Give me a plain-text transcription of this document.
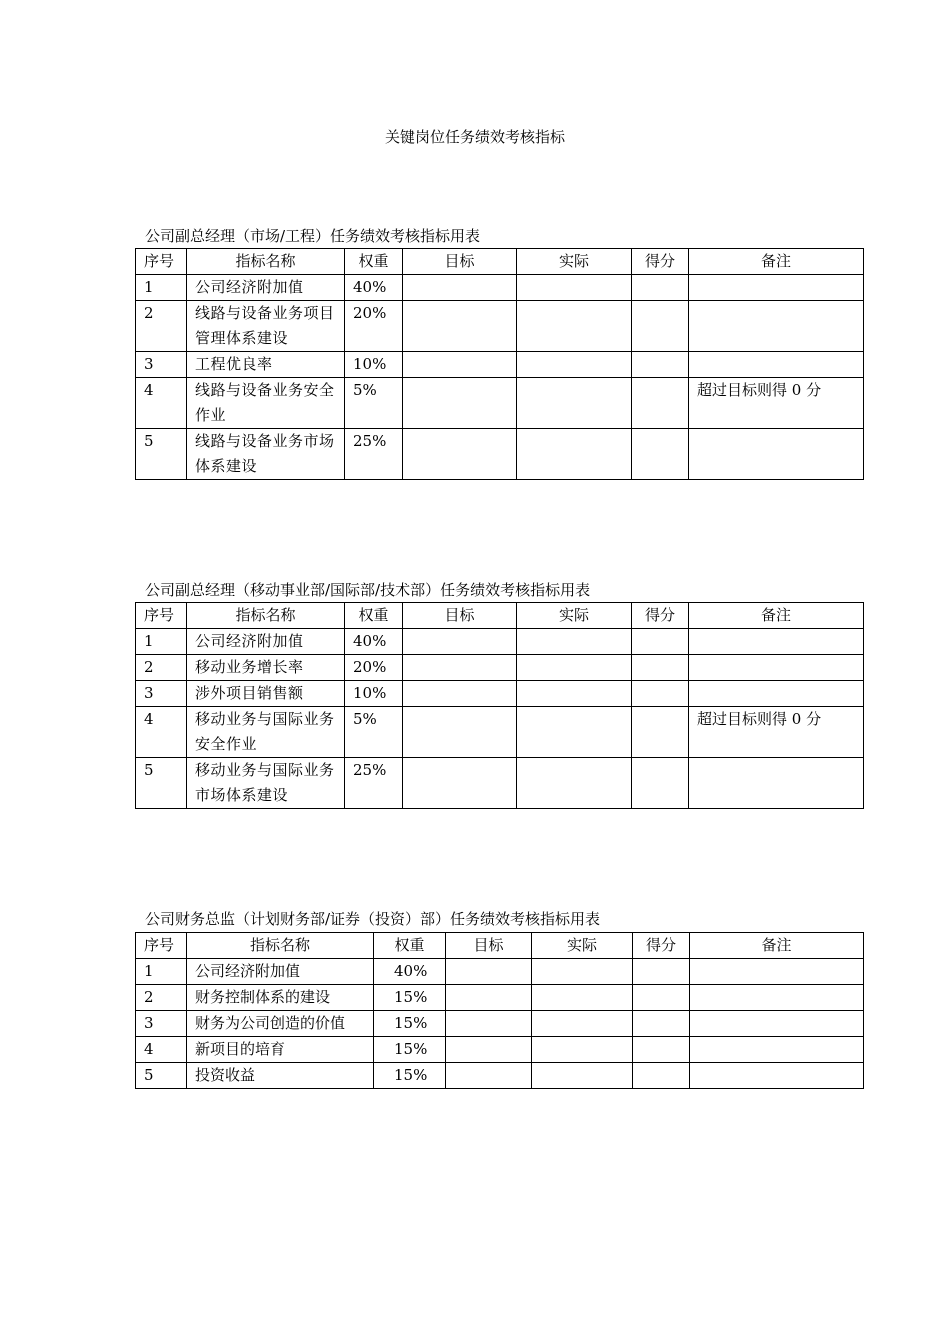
关键岗位任务绩效考核指标
公司副总经理（市场/工程）任务绩效考核指标用表
序号	指标名称	权重	目标	实际	得分	备注
1	公司经济附加值	40%				
2	线路与设备业务项目管理体系建设	20%				
3	工程优良率	10%				
4	线路与设备业务安全作业	5%				超过目标则得 0 分
5	线路与设备业务市场体系建设	25%				
公司副总经理（移动事业部/国际部/技术部）任务绩效考核指标用表
序号	指标名称	权重	目标	实际	得分	备注
1	公司经济附加值	40%				
2	移动业务增长率	20%				
3	涉外项目销售额	10%				
4	移动业务与国际业务安全作业	5%				超过目标则得 0 分
5	移动业务与国际业务市场体系建设	25%				
公司财务总监（计划财务部/证券（投资）部）任务绩效考核指标用表
序号	指标名称	权重	目标	实际	得分	备注
1	公司经济附加值	40%				
2	财务控制体系的建设	15%				
3	财务为公司创造的价值	15%				
4	新项目的培育	15%				
5	投资收益	15%				
